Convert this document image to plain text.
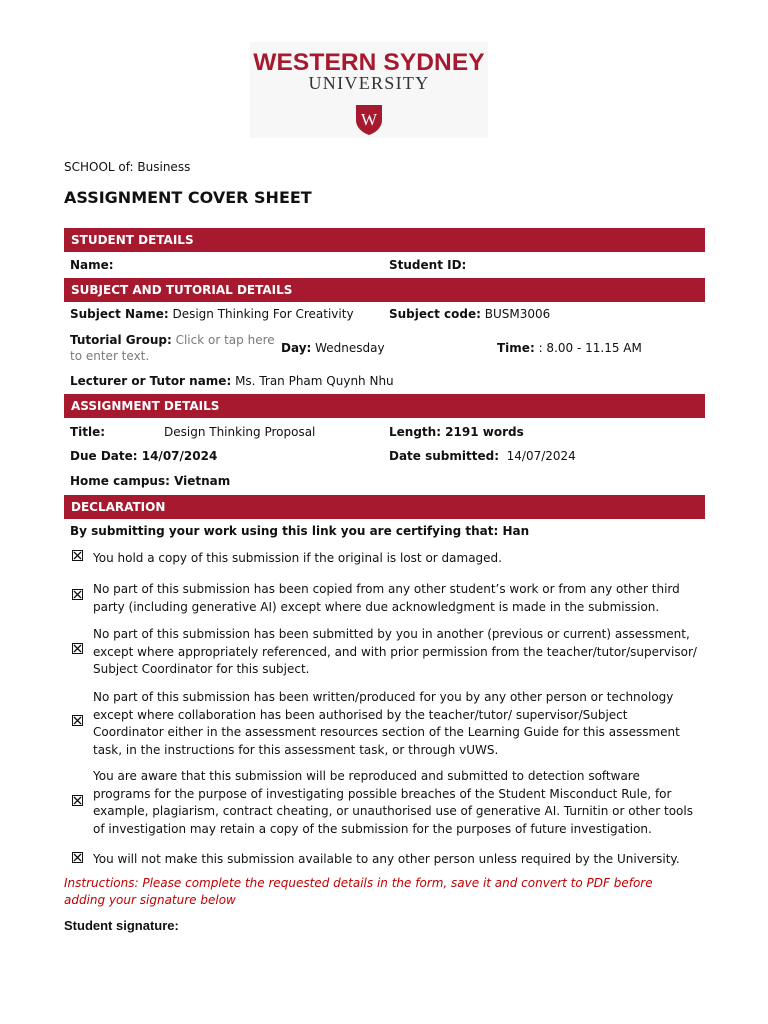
WESTERN SYDNEY
UNIVERSITY
W
SCHOOL of: Business
ASSIGNMENT COVER SHEET
STUDENT DETAILS
Name:	Student ID:
SUBJECT AND TUTORIAL DETAILS
Subject Name: Design Thinking For Creativity	Subject code: BUSM3006
Tutorial Group: Click or tap here
to enter text.
Day: Wednesday	Time: : 8.00 - 11.15 AM
Lecturer or Tutor name: Ms. Tran Pham Quynh Nhu
ASSIGNMENT DETAILS
Title:	Design Thinking Proposal	Length: 2191 words
Due Date: 14/07/2024	Date submitted: 14/07/2024
Home campus: Vietnam
DECLARATION
By submitting your work using this link you are certifying that: Han
You hold a copy of this submission if the original is lost or damaged.
No part of this submission has been copied from any other student’s work or from any other third party (including generative AI) except where due acknowledgment is made in the submission.
No part of this submission has been submitted by you in another (previous or current) assessment, except where appropriately referenced, and with prior permission from the teacher/tutor/supervisor/ Subject Coordinator for this subject.
No part of this submission has been written/produced for you by any other person or technology except where collaboration has been authorised by the teacher/tutor/ supervisor/Subject Coordinator either in the assessment resources section of the Learning Guide for this assessment task, in the instructions for this assessment task, or through vUWS.
You are aware that this submission will be reproduced and submitted to detection software programs for the purpose of investigating possible breaches of the Student Misconduct Rule, for example, plagiarism, contract cheating, or unauthorised use of generative AI. Turnitin or other tools of investigation may retain a copy of the submission for the purposes of future investigation.
You will not make this submission available to any other person unless required by the University.
Instructions: Please complete the requested details in the form, save it and convert to PDF before adding your signature below
Student signature:
